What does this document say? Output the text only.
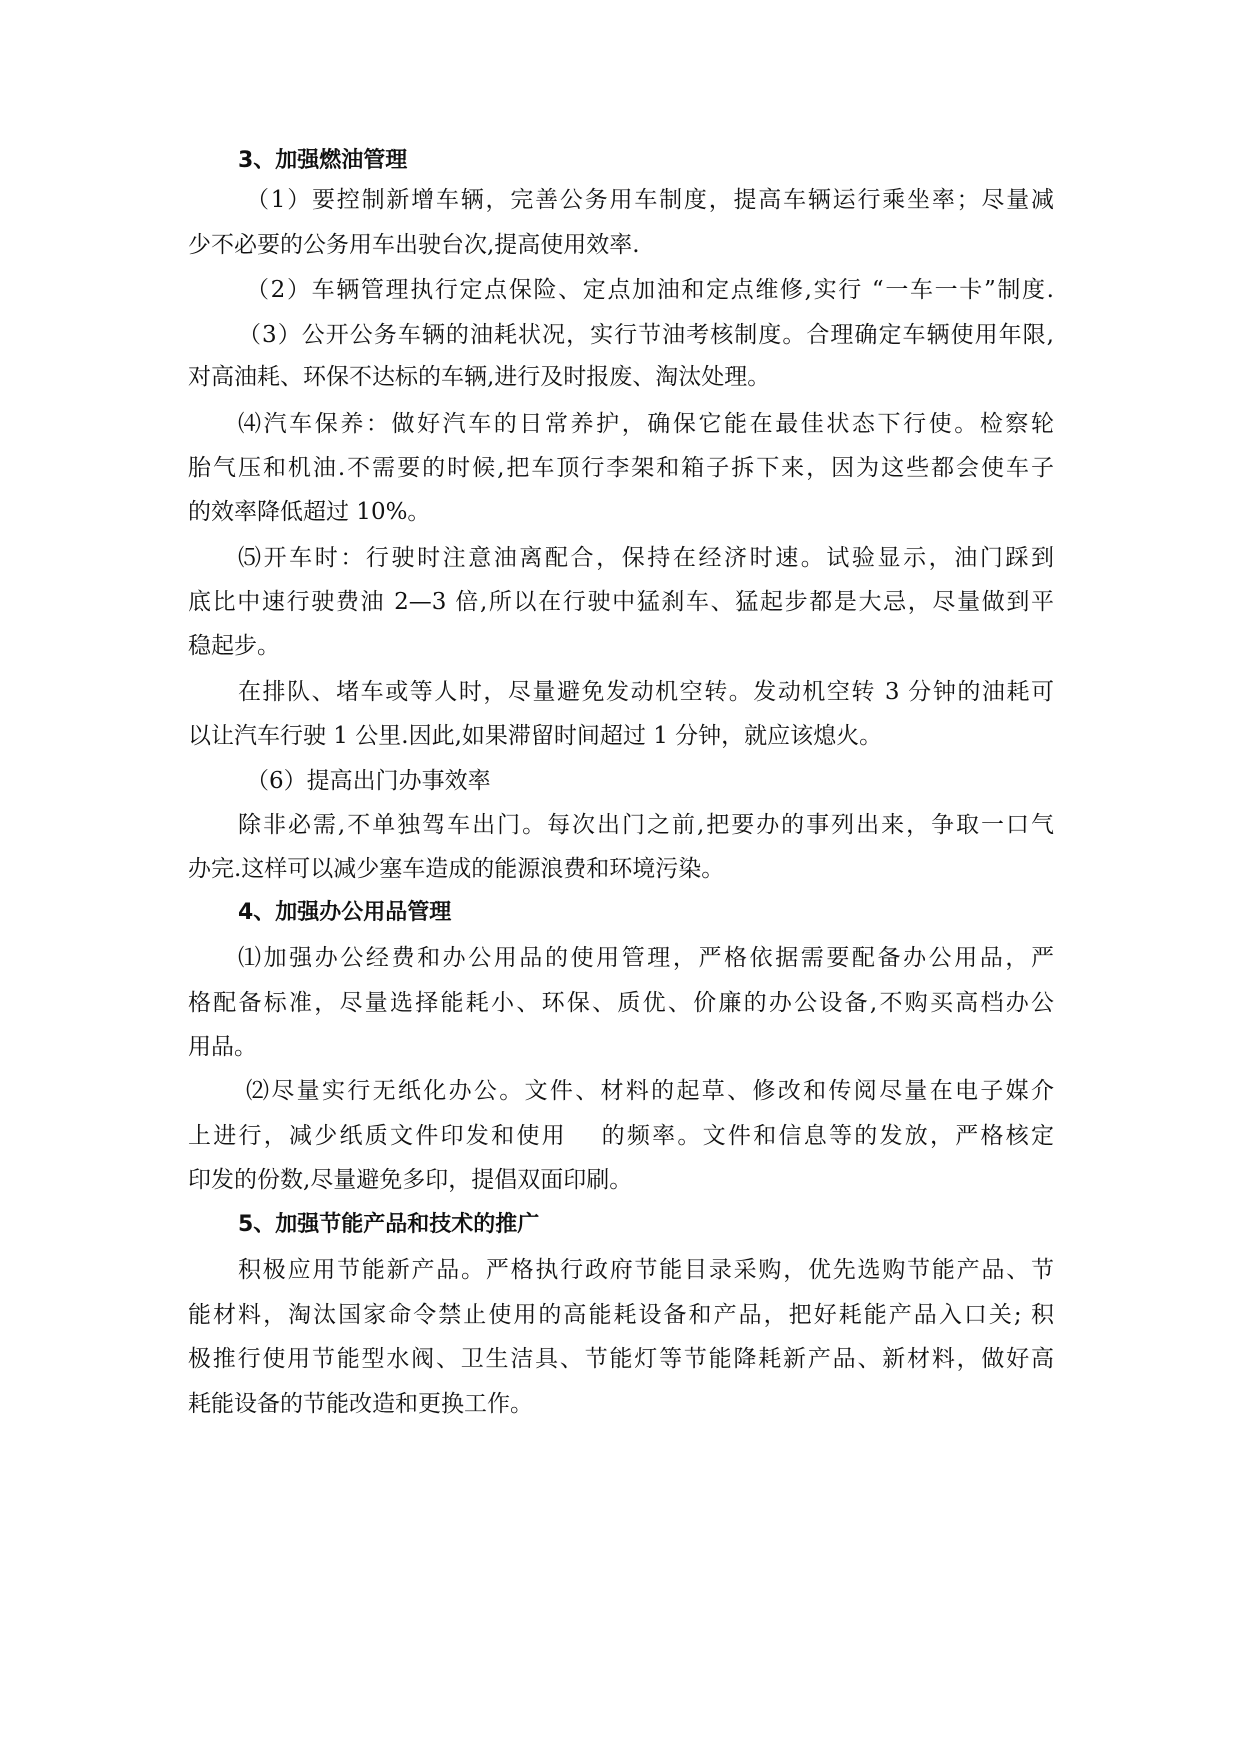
3、加强燃油管理

（1）要控制新增车辆，完善公务用车制度，提高车辆运行乘坐率；尽量减

少不必要的公务用车出驶台次,提高使用效率.

（2）车辆管理执行定点保险、定点加油和定点维修,实行 “一车一卡”制度.

（3）公开公务车辆的油耗状况，实行节油考核制度。合理确定车辆使用年限,

对高油耗、环保不达标的车辆,进行及时报废、淘汰处理。

⑷汽车保养：做好汽车的日常养护，确保它能在最佳状态下行使。检察轮

胎气压和机油.不需要的时候,把车顶行李架和箱子拆下来，因为这些都会使车子

的效率降低超过 10%。

⑸开车时：行驶时注意油离配合，保持在经济时速。试验显示，油门踩到

底比中速行驶费油 2—3 倍,所以在行驶中猛刹车、猛起步都是大忌，尽量做到平

稳起步。

在排队、堵车或等人时，尽量避免发动机空转。发动机空转 3 分钟的油耗可

以让汽车行驶 1 公里.因此,如果滞留时间超过 1 分钟，就应该熄火。

（6）提高出门办事效率

除非必需,不单独驾车出门。每次出门之前,把要办的事列出来，争取一口气

办完.这样可以减少塞车造成的能源浪费和环境污染。

4、加强办公用品管理

⑴加强办公经费和办公用品的使用管理，严格依据需要配备办公用品，严

格配备标准，尽量选择能耗小、环保、质优、价廉的办公设备,不购买高档办公

用品。

⑵尽量实行无纸化办公。文件、材料的起草、修改和传阅尽量在电子媒介

上进行，减少纸质文件印发和使用　 的频率。文件和信息等的发放，严格核定

印发的份数,尽量避免多印，提倡双面印刷。

5、加强节能产品和技术的推广

积极应用节能新产品。严格执行政府节能目录采购，优先选购节能产品、节

能材料，淘汰国家命令禁止使用的高能耗设备和产品，把好耗能产品入口关; 积

极推行使用节能型水阀、卫生洁具、节能灯等节能降耗新产品、新材料，做好高

耗能设备的节能改造和更换工作。
